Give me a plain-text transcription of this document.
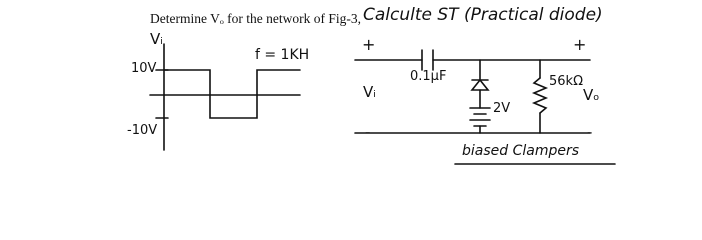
Determine Vₒ for the network of Fig-3, Calculte ST (Practical diode)
Vᵢ
10V
-10V
f = 1KH
+
Vᵢ
-
0.1µF
2V
56kΩ
+
Vₒ
-
biased Clampers
